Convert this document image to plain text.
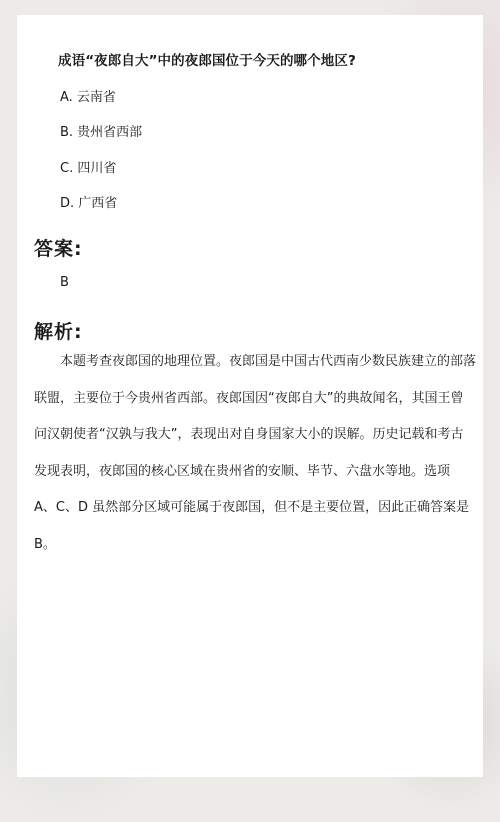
成语“夜郎自大”中的夜郎国位于今天的哪个地区?
A. 云南省
B. 贵州省西部
C. 四川省
D. 广西省
答案:
B
解析:
本题考查夜郎国的地理位置。夜郎国是中国古代西南少数民族建立的部落
联盟，主要位于今贵州省西部。夜郎国因“夜郎自大”的典故闻名，其国王曾
问汉朝使者“汉孰与我大”，表现出对自身国家大小的误解。历史记载和考古
发现表明，夜郎国的核心区域在贵州省的安顺、毕节、六盘水等地。选项
A、C、D 虽然部分区域可能属于夜郎国，但不是主要位置，因此正确答案是
B。
